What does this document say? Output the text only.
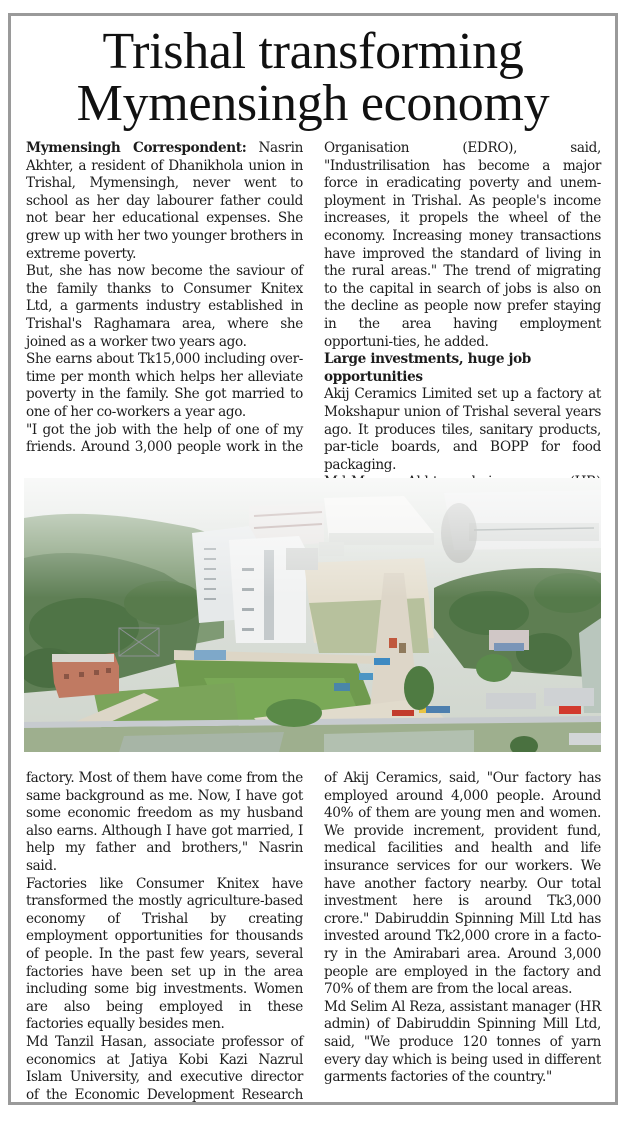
Trishal transforming
Mymensingh economy

Mymensingh Correspondent: Nasrin Akhter, a resident of Dhanikhola union in Trishal, Mymensingh, never went to school as her day labourer father could not bear her educational expenses. She grew up with her two younger brothers in extreme poverty.

But, she has now become the saviour of the family thanks to Consumer Knitex Ltd, a garments industry established in Trishal's Raghamara area, where she joined as a worker two years ago.

She earns about Tk15,000 including over-time per month which helps her alleviate poverty in the family. She got married to one of her co-workers a year ago.

"I got the job with the help of one of my friends. Around 3,000 people work in the

Organisation (EDRO), said, "Industrilisation has become a major force in eradicating poverty and unem-ployment in Trishal. As people's income increases, it propels the wheel of the economy. Increasing money transactions have improved the standard of living in the rural areas." The trend of migrating to the capital in search of jobs is also on the decline as people now prefer staying in the area having employment opportuni-ties, he added.

Large investments, huge job opportunities

Akij Ceramics Limited set up a factory at Mokshapur union of Trishal several years ago. It produces tiles, sanitary products, par-ticle boards, and BOPP for food packaging.

factory. Most of them have come from the same background as me. Now, I have got some economic freedom as my husband also earns. Although I have got married, I help my father and brothers," Nasrin said.

Factories like Consumer Knitex have transformed the mostly agriculture-based economy of Trishal by creating employment opportunities for thousands of people. In the past few years, several factories have been set up in the area including some big investments. Women are also being employed in these factories equally besides men.

Md Tanzil Hasan, associate professor of economics at Jatiya Kobi Kazi Nazrul Islam University, and executive director of the Economic Development Research

of Akij Ceramics, said, "Our factory has employed around 4,000 people. Around 40% of them are young men and women. We provide increment, provident fund, medical facilities and health and life insurance services for our workers. We have another factory nearby. Our total investment here is around Tk3,000 crore." Dabiruddin Spinning Mill Ltd has invested around Tk2,000 crore in a facto-ry in the Amirabari area. Around 3,000 people are employed in the factory and 70% of them are from the local areas.

Md Selim Al Reza, assistant manager (HR admin) of Dabiruddin Spinning Mill Ltd, said, "We produce 120 tonnes of yarn every day which is being used in different garments factories of the country."
